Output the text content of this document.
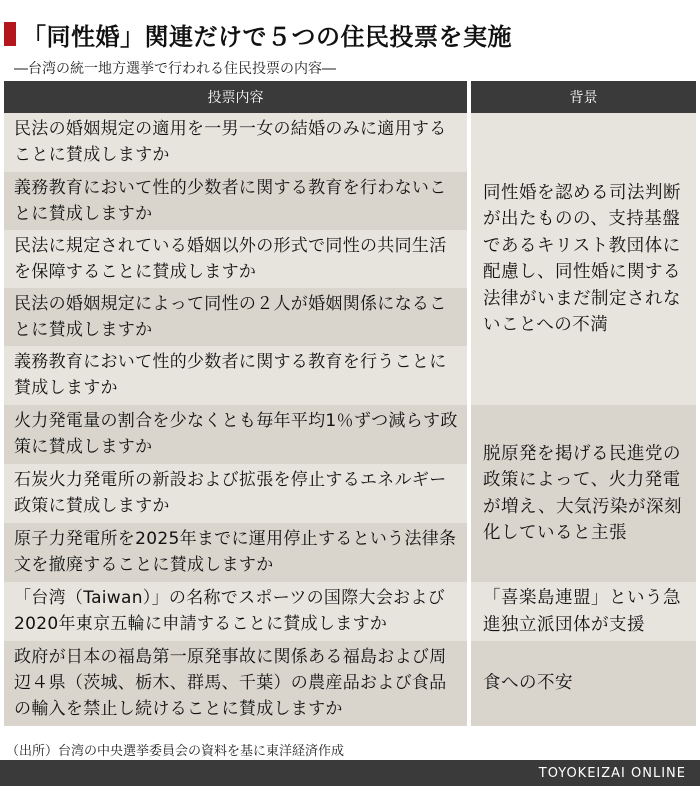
「同性婚」関連だけで５つの住民投票を実施
―台湾の統一地方選挙で行われる住民投票の内容―
投票内容	背景
民法の婚姻規定の適用を一男一女の結婚のみに適用することに賛成しますか
義務教育において性的少数者に関する教育を行わないことに賛成しますか
民法に規定されている婚姻以外の形式で同性の共同生活を保障することに賛成しますか
民法の婚姻規定によって同性の２人が婚姻関係になることに賛成しますか
義務教育において性的少数者に関する教育を行うことに賛成しますか
火力発電量の割合を少なくとも毎年平均1％ずつ減らす政策に賛成しますか
石炭火力発電所の新設および拡張を停止するエネルギー政策に賛成しますか
原子力発電所を2025年までに運用停止するという法律条文を撤廃することに賛成しますか
「台湾（Taiwan）」の名称でスポーツの国際大会および2020年東京五輪に申請することに賛成しますか
政府が日本の福島第一原発事故に関係ある福島および周辺４県（茨城、栃木、群馬、千葉）の農産品および食品の輸入を禁止し続けることに賛成しますか
同性婚を認める司法判断が出たものの、支持基盤であるキリスト教団体に配慮し、同性婚に関する法律がいまだ制定されないことへの不満
脱原発を掲げる民進党の政策によって、火力発電が増え、大気汚染が深刻化していると主張
「喜楽島連盟」という急進独立派団体が支援
食への不安
（出所）台湾の中央選挙委員会の資料を基に東洋経済作成
TOYOKEIZAI ONLINE
